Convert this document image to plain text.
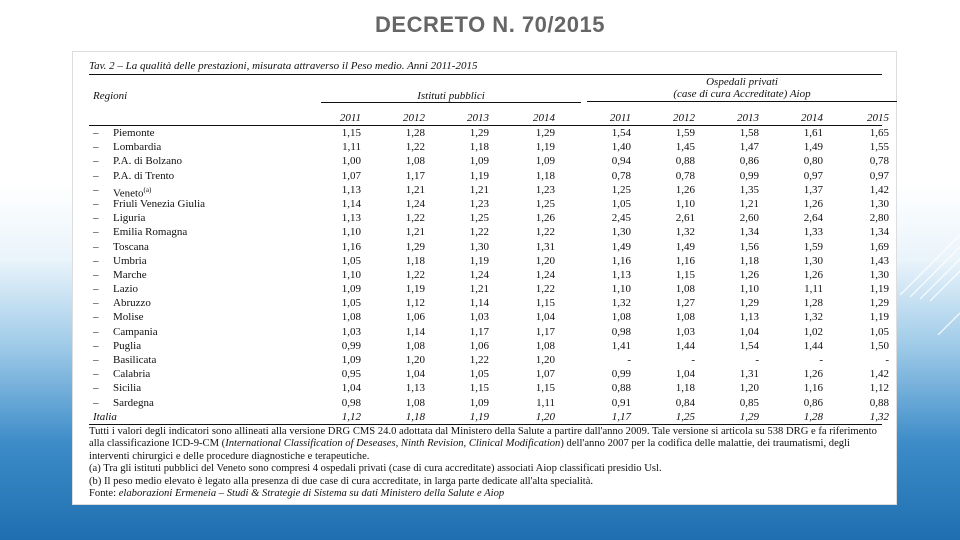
DECRETO N. 70/2015
Tav. 2 – La qualità delle prestazioni, misurata attraverso il Peso medio. Anni 2011-2015
Regioni	Istituti pubblici
Ospedali privati
(case di cura Accreditate) Aiop
2011	2012	2013	2014	2011	2012	2013	2014	2015
– Piemonte	1,15	1,28	1,29	1,29	1,54	1,59	1,58	1,61	1,65
– Lombardia	1,11	1,22	1,18	1,19	1,40	1,45	1,47	1,49	1,55
– P.A. di Bolzano	1,00	1,08	1,09	1,09	0,94	0,88	0,86	0,80	0,78
– P.A. di Trento	1,07	1,17	1,19	1,18	0,78	0,78	0,99	0,97	0,97
– Veneto$^{(a)}$	1,13	1,21	1,21	1,23	1,25	1,26	1,35	1,37	1,42
– Friuli Venezia Giulia	1,14	1,24	1,23	1,25	1,05	1,10	1,21	1,26	1,30
– Liguria	1,13	1,22	1,25	1,26	2,45	2,61	2,60	2,64	2,80
– Emilia Romagna	1,10	1,21	1,22	1,22	1,30	1,32	1,34	1,33	1,34
– Toscana	1,16	1,29	1,30	1,31	1,49	1,49	1,56	1,59	1,69
– Umbria	1,05	1,18	1,19	1,20	1,16	1,16	1,18	1,30	1,43
– Marche	1,10	1,22	1,24	1,24	1,13	1,15	1,26	1,26	1,30
– Lazio	1,09	1,19	1,21	1,22	1,10	1,08	1,10	1,11	1,19
– Abruzzo	1,05	1,12	1,14	1,15	1,32	1,27	1,29	1,28	1,29
– Molise	1,08	1,06	1,03	1,04	1,08	1,08	1,13	1,32	1,19
– Campania	1,03	1,14	1,17	1,17	0,98	1,03	1,04	1,02	1,05
– Puglia	0,99	1,08	1,06	1,08	1,41	1,44	1,54	1,44	1,50
– Basilicata	1,09	1,20	1,22	1,20	-	-	-	-	-
– Calabria	0,95	1,04	1,05	1,07	0,99	1,04	1,31	1,26	1,42
– Sicilia	1,04	1,13	1,15	1,15	0,88	1,18	1,20	1,16	1,12
– Sardegna	0,98	1,08	1,09	1,11	0,91	0,84	0,85	0,86	0,88
Italia	1,12	1,18	1,19	1,20	1,17	1,25	1,29	1,28	1,32
Tutti i valori degli indicatori sono allineati alla versione DRG CMS 24.0 adottata dal Ministero della Salute a partire dall'anno 2009. Tale versione si articola su 538 DRG e fa riferimento alla classificazione ICD-9-CM (International Classification of Deseases, Ninth Revision, Clinical Modification) dell'anno 2007 per la codifica delle malattie, dei traumatismi, degli interventi chirurgici e delle procedure diagnostiche e terapeutiche.
(a) Tra gli istituti pubblici del Veneto sono compresi 4 ospedali privati (case di cura accreditate) associati Aiop classificati presidio Usl.
(b) Il peso medio elevato è legato alla presenza di due case di cura accreditate, in larga parte dedicate all'alta specialità.
Fonte: elaborazioni Ermeneia – Studi & Strategie di Sistema su dati Ministero della Salute e Aiop
